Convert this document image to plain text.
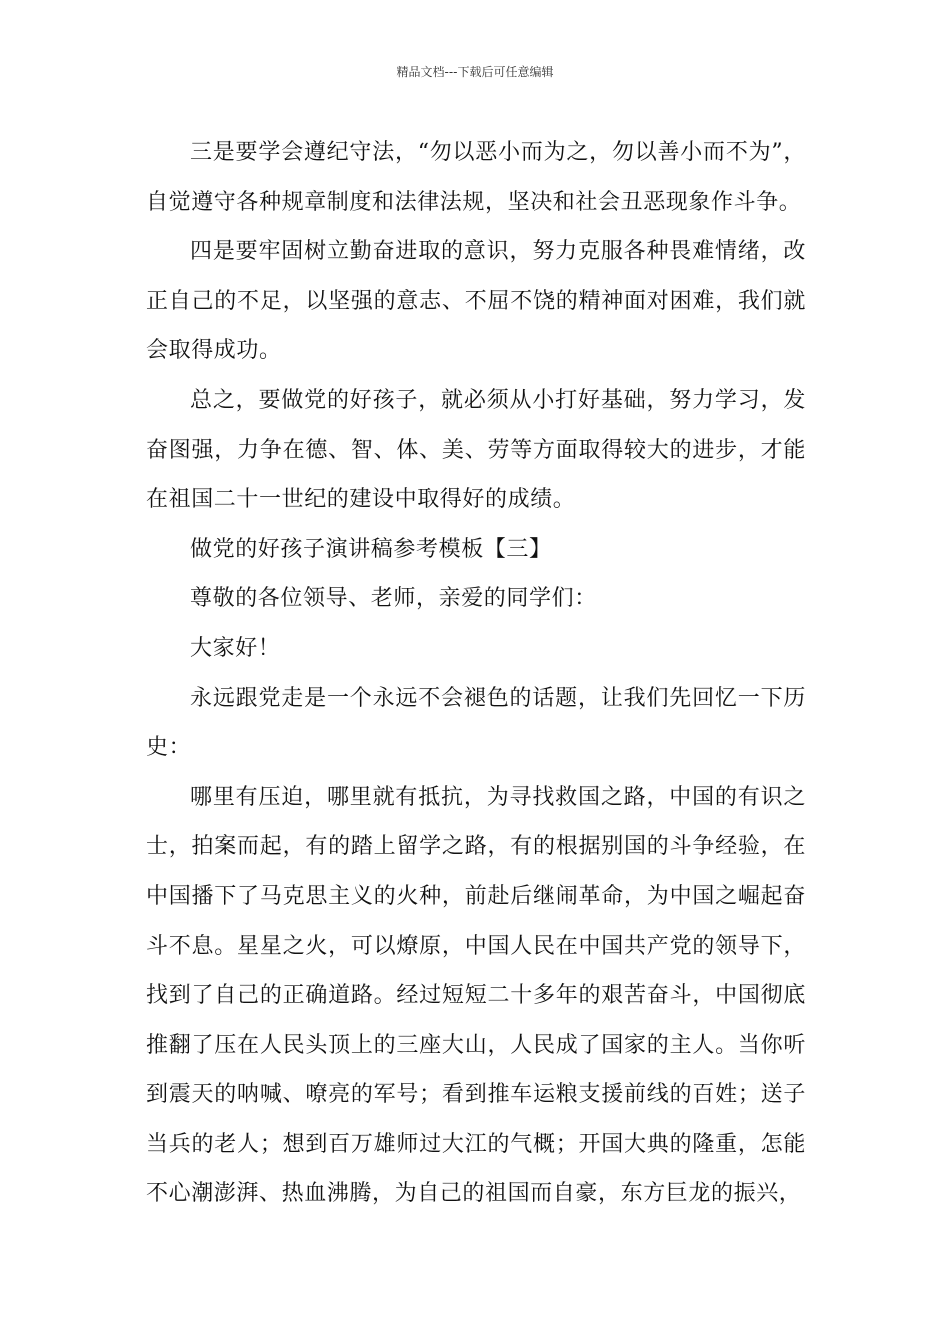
精品文档---下载后可任意编辑

三是要学会遵纪守法，“勿以恶小而为之，勿以善小而不为”，自觉遵守各种规章制度和法律法规，坚决和社会丑恶现象作斗争。

四是要牢固树立勤奋进取的意识，努力克服各种畏难情绪，改正自己的不足，以坚强的意志、不屈不饶的精神面对困难，我们就会取得成功。

总之，要做党的好孩子，就必须从小打好基础，努力学习，发奋图强，力争在德、智、体、美、劳等方面取得较大的进步，才能在祖国二十一世纪的建设中取得好的成绩。

做党的好孩子演讲稿参考模板【三】

尊敬的各位领导、老师，亲爱的同学们：

大家好！

永远跟党走是一个永远不会褪色的话题，让我们先回忆一下历史：

哪里有压迫，哪里就有抵抗，为寻找救国之路，中国的有识之士，拍案而起，有的踏上留学之路，有的根据别国的斗争经验，在中国播下了马克思主义的火种，前赴后继闹革命，为中国之崛起奋斗不息。星星之火，可以燎原，中国人民在中国共产党的领导下，找到了自己的正确道路。经过短短二十多年的艰苦奋斗，中国彻底推翻了压在人民头顶上的三座大山，人民成了国家的主人。当你听到震天的呐喊、嘹亮的军号；看到推车运粮支援前线的百姓；送子当兵的老人；想到百万雄师过大江的气概；开国大典的隆重，怎能不心潮澎湃、热血沸腾，为自己的祖国而自豪，东方巨龙的振兴，
